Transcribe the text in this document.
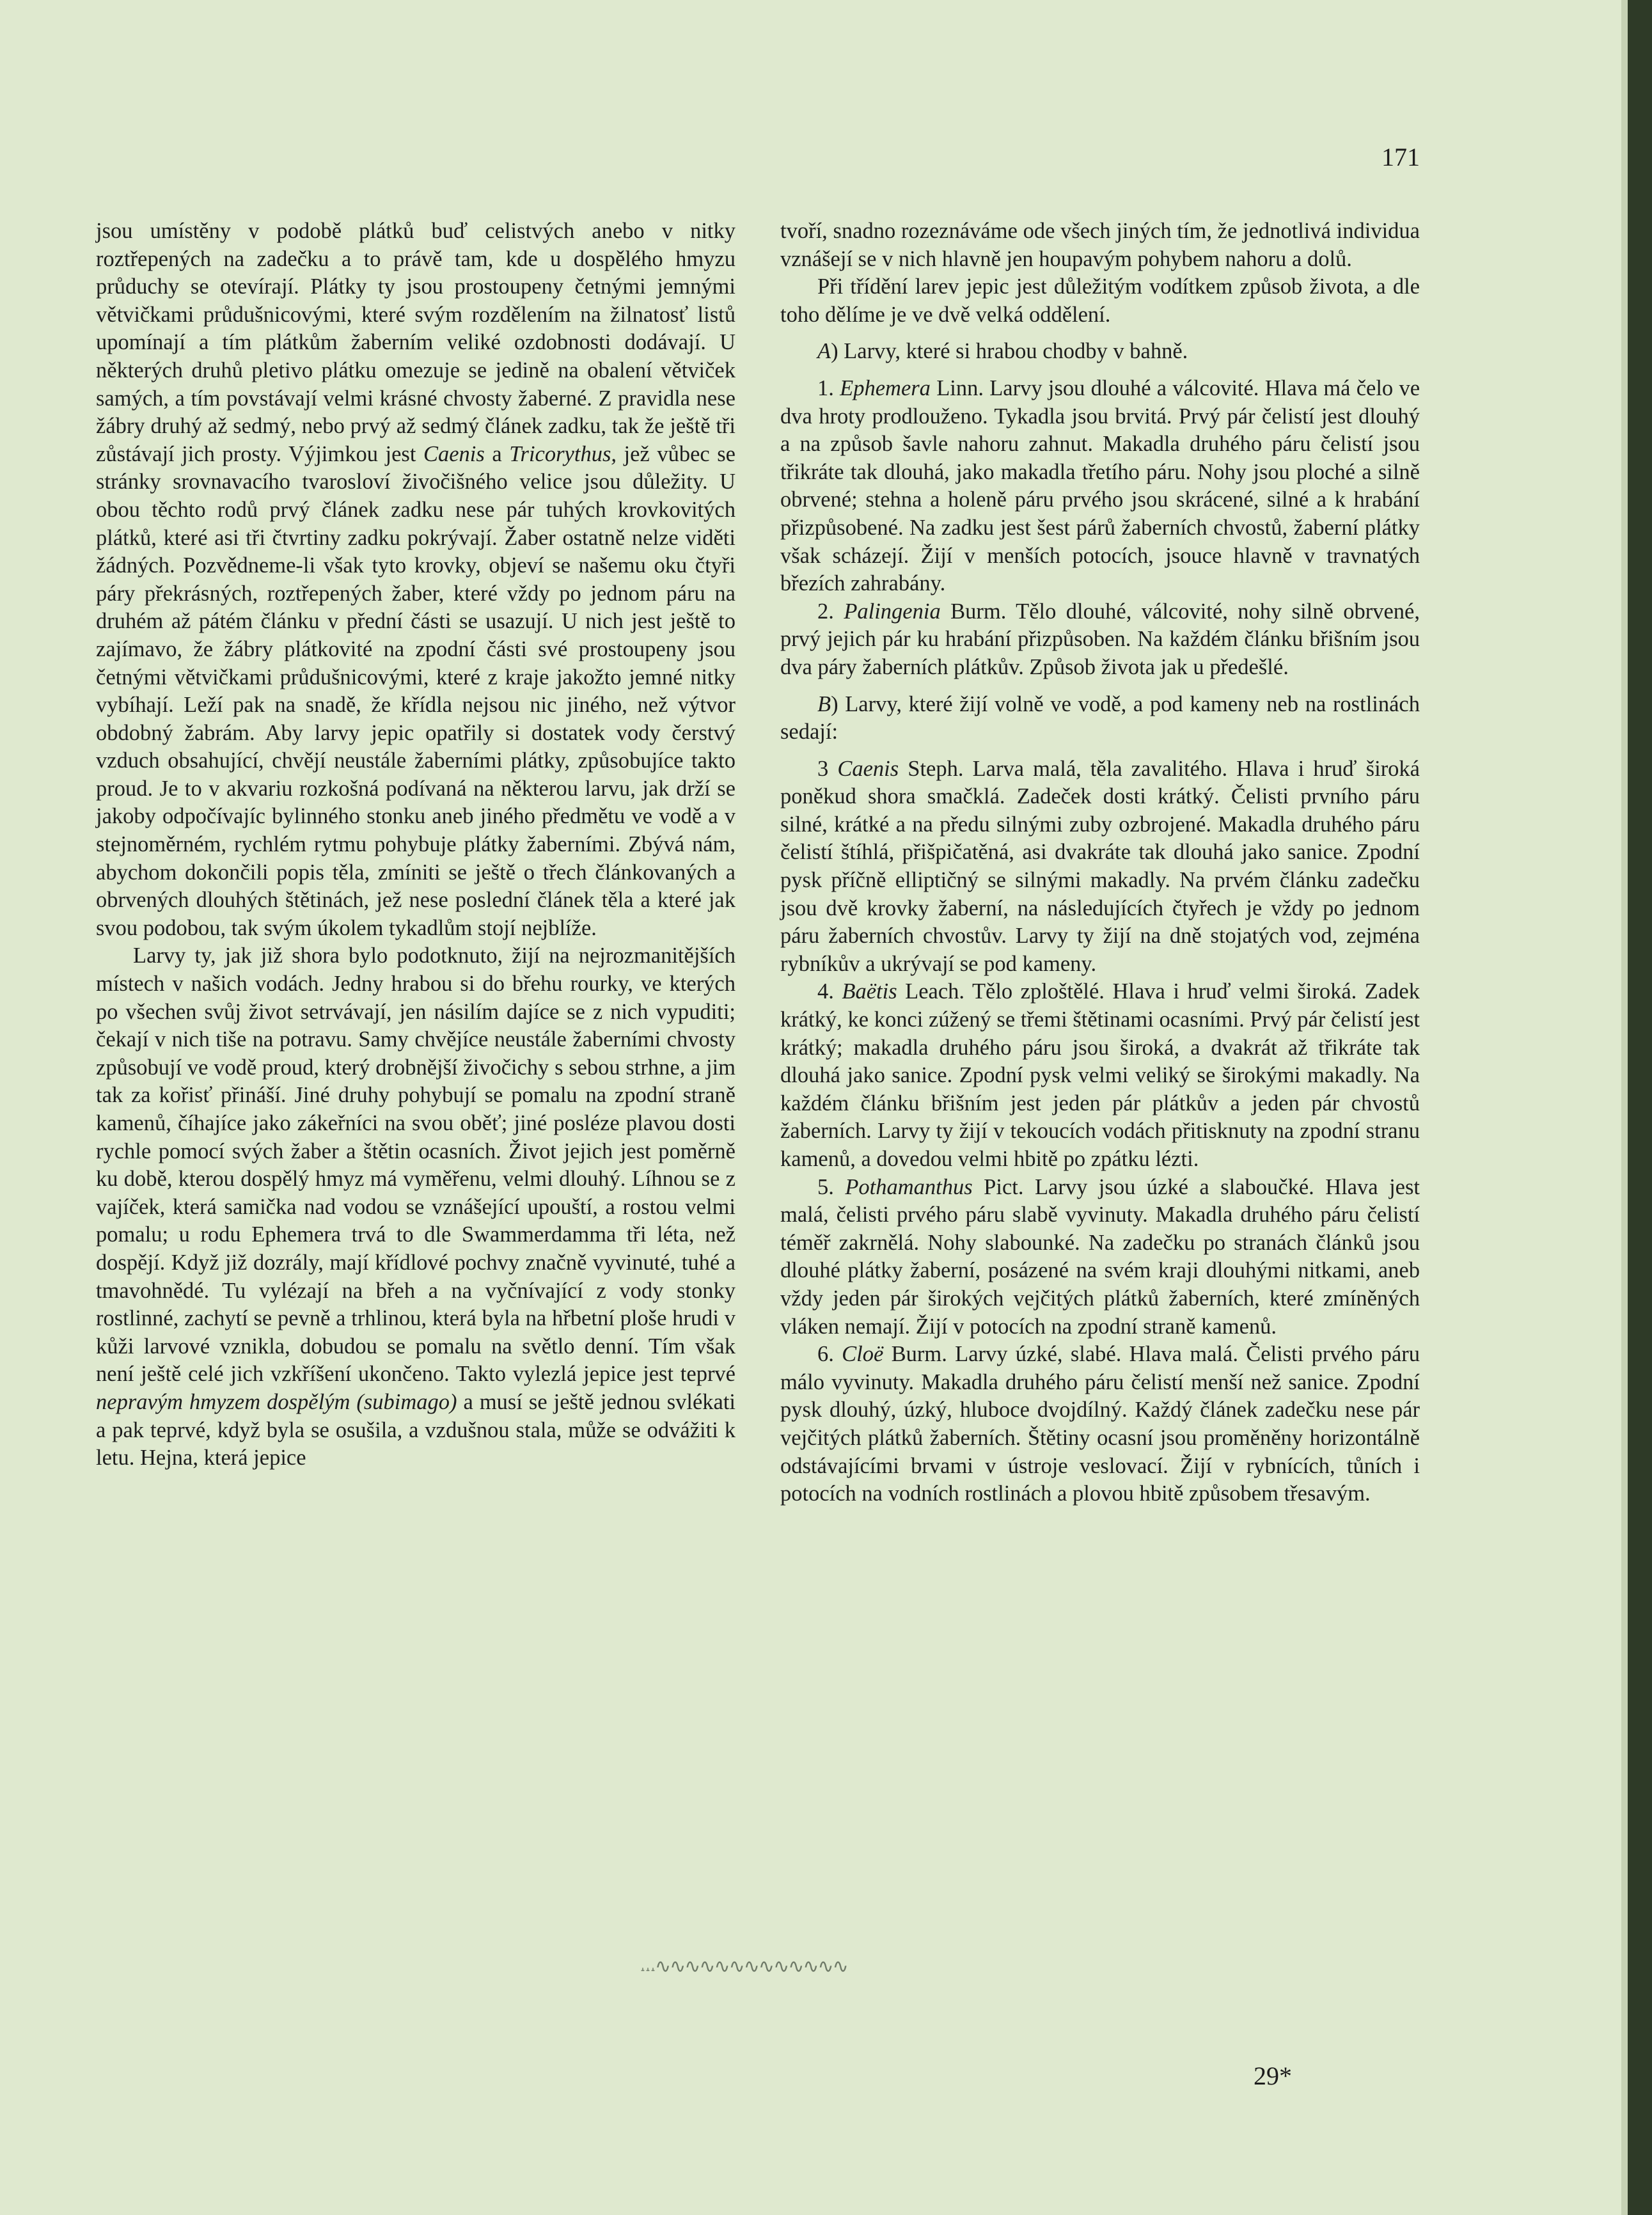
171

jsou umístěny v podobě plátků buď celistvých anebo v nitky roztřepených na zadečku a to právě tam, kde u dospělého hmyzu průduchy se otevírají. Plátky ty jsou prostoupeny četnými jemnými větvičkami průdušnicovými, které svým rozdělením na žilnatosť listů upomínají a tím plátkům žaberním veliké ozdobnosti dodávají. U některých druhů pletivo plátku omezuje se jedině na obalení větviček samých, a tím povstávají velmi krásné chvosty žaberné. Z pravidla nese žábry druhý až sedmý, nebo prvý až sedmý článek zadku, tak že ještě tři zůstávají jich prosty. Výjimkou jest Caenis a Tricorythus, jež vůbec se stránky srovnavacího tvarosloví živočišného velice jsou důležity. U obou těchto rodů prvý článek zadku nese pár tuhých krovkovitých plátků, které asi tři čtvrtiny zadku pokrývají. Žaber ostatně nelze viděti žádných. Pozvědneme-li však tyto krovky, objeví se našemu oku čtyři páry překrásných, roztřepených žaber, které vždy po jednom páru na druhém až pátém článku v přední části se usazují. U nich jest ještě to zajímavo, že žábry plátkovité na zpodní části své prostoupeny jsou četnými větvičkami průdušnicovými, které z kraje jakožto jemné nitky vybíhají. Leží pak na snadě, že křídla nejsou nic jiného, než výtvor obdobný žabrám. Aby larvy jepic opatřily si dostatek vody čerstvý vzduch obsahující, chvějí neustále žaberními plátky, způsobujíce takto proud. Je to v akvariu rozkošná podívaná na některou larvu, jak drží se jakoby odpočívajíc bylinného stonku aneb jiného předmětu ve vodě a v stejnoměrném, rychlém rytmu pohybuje plátky žaberními. Zbývá nám, abychom dokončili popis těla, zmíniti se ještě o třech článkovaných a obrvených dlouhých štětinách, jež nese poslední článek těla a které jak svou podobou, tak svým úkolem tykadlům stojí nejblíže.

Larvy ty, jak již shora bylo podotknuto, žijí na nejrozmanitějších místech v našich vodách. Jedny hrabou si do břehu rourky, ve kterých po všechen svůj život setrvávají, jen násilím dajíce se z nich vypuditi; čekají v nich tiše na potravu. Samy chvějíce neustále žaberními chvosty způsobují ve vodě proud, který drobnější živočichy s sebou strhne, a jim tak za kořisť přináší. Jiné druhy pohybují se pomalu na zpodní straně kamenů, číhajíce jako zákeřníci na svou oběť; jiné posléze plavou dosti rychle pomocí svých žaber a štětin ocasních. Život jejich jest poměrně ku době, kterou dospělý hmyz má vyměřenu, velmi dlouhý. Líhnou se z vajíček, která samička nad vodou se vznášející upouští, a rostou velmi pomalu; u rodu Ephemera trvá to dle Swammerdamma tři léta, než dospějí. Když již dozrály, mají křídlové pochvy značně vyvinuté, tuhé a tmavohnědé. Tu vylézají na břeh a na vyčnívající z vody stonky rostlinné, zachytí se pevně a trhlinou, která byla na hřbetní ploše hrudi v kůži larvové vznikla, dobudou se pomalu na světlo denní. Tím však není ještě celé jich vzkříšení ukončeno. Takto vylezlá jepice jest teprvé nepravým hmyzem dospělým (subimago) a musí se ještě jednou svlékati a pak teprvé, když byla se osušila, a vzdušnou stala, může se odvážiti k letu. Hejna, která jepice

tvoří, snadno rozeznáváme ode všech jiných tím, že jednotlivá individua vznášejí se v nich hlavně jen houpavým pohybem nahoru a dolů.

Při třídění larev jepic jest důležitým vodítkem způsob života, a dle toho dělíme je ve dvě velká oddělení.

A) Larvy, které si hrabou chodby v bahně.

1. Ephemera Linn. Larvy jsou dlouhé a válcovité. Hlava má čelo ve dva hroty prodlouženo. Tykadla jsou brvitá. Prvý pár čelistí jest dlouhý a na způsob šavle nahoru zahnut. Makadla druhého páru čelistí jsou třikráte tak dlouhá, jako makadla třetího páru. Nohy jsou ploché a silně obrvené; stehna a holeně páru prvého jsou skrácené, silné a k hrabání přizpůsobené. Na zadku jest šest párů žaberních chvostů, žaberní plátky však scházejí. Žijí v menších potocích, jsouce hlavně v travnatých březích zahrabány.

2. Palingenia Burm. Tělo dlouhé, válcovité, nohy silně obrvené, prvý jejich pár ku hrabání přizpůsoben. Na každém článku břišním jsou dva páry žaberních plátkův. Způsob života jak u předešlé.

B) Larvy, které žijí volně ve vodě, a pod kameny neb na rostlinách sedají:

3 Caenis Steph. Larva malá, těla zavalitého. Hlava i hruď široká poněkud shora smačklá. Zadeček dosti krátký. Čelisti prvního páru silné, krátké a na předu silnými zuby ozbrojené. Makadla druhého páru čelistí štíhlá, přišpičatěná, asi dvakráte tak dlouhá jako sanice. Zpodní pysk příčně elliptičný se silnými makadly. Na prvém článku zadečku jsou dvě krovky žaberní, na následujících čtyřech je vždy po jednom páru žaberních chvostův. Larvy ty žijí na dně stojatých vod, zejména rybníkův a ukrývají se pod kameny.

4. Baëtis Leach. Tělo zploštělé. Hlava i hruď velmi široká. Zadek krátký, ke konci zúžený se třemi štětinami ocasními. Prvý pár čelistí jest krátký; makadla druhého páru jsou široká, a dvakrát až třikráte tak dlouhá jako sanice. Zpodní pysk velmi veliký se širokými makadly. Na každém článku břišním jest jeden pár plátkův a jeden pár chvostů žaberních. Larvy ty žijí v tekoucích vodách přitisknuty na zpodní stranu kamenů, a dovedou velmi hbitě po zpátku lézti.

5. Pothamanthus Pict. Larvy jsou úzké a slaboučké. Hlava jest malá, čelisti prvého páru slabě vyvinuty. Makadla druhého páru čelistí téměř zakrnělá. Nohy slabounké. Na zadečku po stranách článků jsou dlouhé plátky žaberní, posázené na svém kraji dlouhými nitkami, aneb vždy jeden pár širokých vejčitých plátků žaberních, které zmíněných vláken nemají. Žijí v potocích na zpodní straně kamenů.

6. Cloë Burm. Larvy úzké, slabé. Hlava malá. Čelisti prvého páru málo vyvinuty. Makadla druhého páru čelistí menší než sanice. Zpodní pysk dlouhý, úzký, hluboce dvojdílný. Každý článek zadečku nese pár vejčitých plátků žaberních. Štětiny ocasní jsou proměněny horizontálně odstávajícími brvami v ústroje veslovací. Žijí v rybnících, tůních i potocích na vodních rostlinách a plovou hbitě způsobem třesavým.

˔˔˔∿∿∿∿∿∿∿∿∿∿∿∿∿
29*
